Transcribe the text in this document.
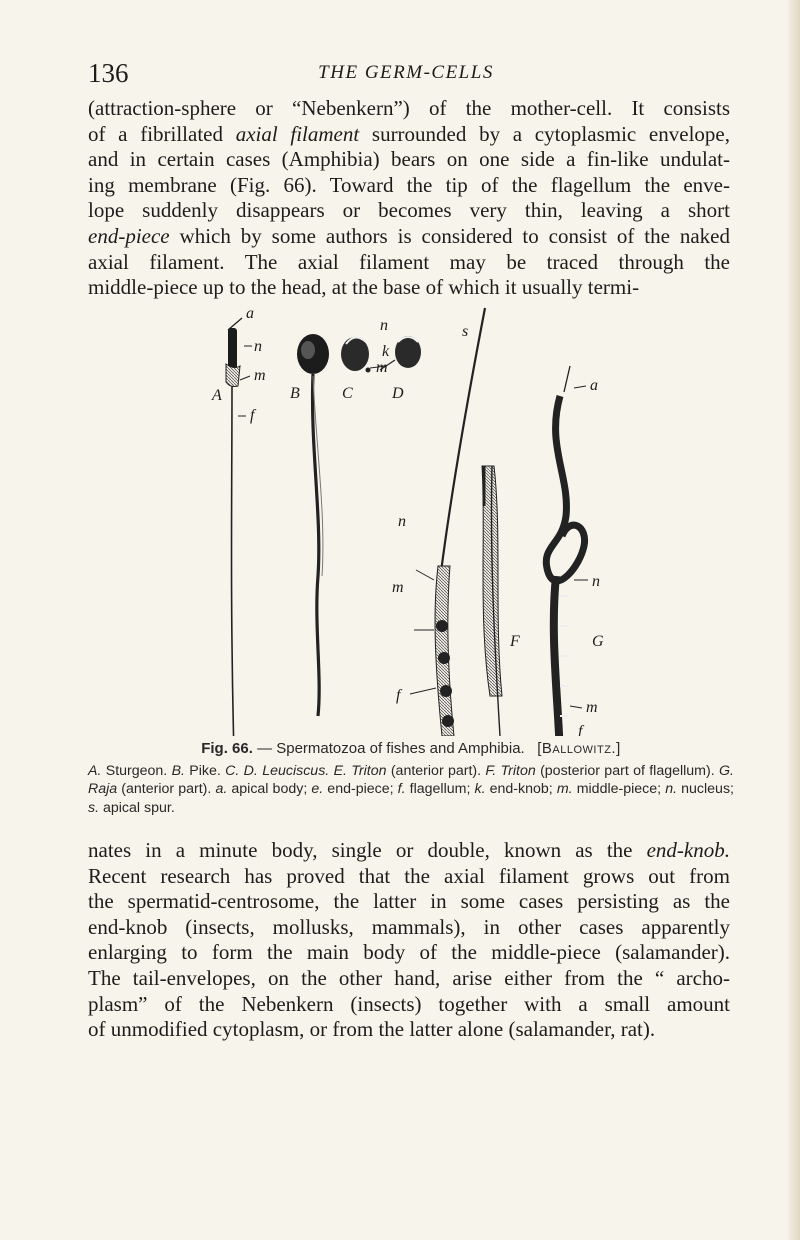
136	THE GERM-CELLS

(attraction-sphere or “Nebenkern”) of the mother-cell. It consists
of a fibrillated axial filament surrounded by a cytoplasmic envelope,
and in certain cases (Amphibia) bears on one side a fin-like undulat-
ing membrane (Fig. 66). Toward the tip of the flagellum the enve-
lope suddenly disappears or becomes very thin, leaving a short
end-piece which by some authors is considered to consist of the naked
axial filament. The axial filament may be traced through the
middle-piece up to the head, at the base of which it usually termi-

A
a
n
m
f
B	C D
n
k
m
s
n
m
f
F
a
n
G
m
f
Fig. 66. — Spermatozoa of fishes and Amphibia. [Ballowitz.]
A. Sturgeon. B. Pike. C. D. Leuciscus. E. Triton (anterior part). F. Triton (posterior part of flagellum). G. Raja (anterior part). a. apical body; e. end-piece; f. flagellum; k. end-knob; m. middle-piece; n. nucleus; s. apical spur.

nates in a minute body, single or double, known as the end-knob.
Recent research has proved that the axial filament grows out from
the spermatid-centrosome, the latter in some cases persisting as the
end-knob (insects, mollusks, mammals), in other cases apparently
enlarging to form the main body of the middle-piece (salamander).
The tail-envelopes, on the other hand, arise either from the “ archo-
plasm” of the Nebenkern (insects) together with a small amount
of unmodified cytoplasm, or from the latter alone (salamander, rat).
